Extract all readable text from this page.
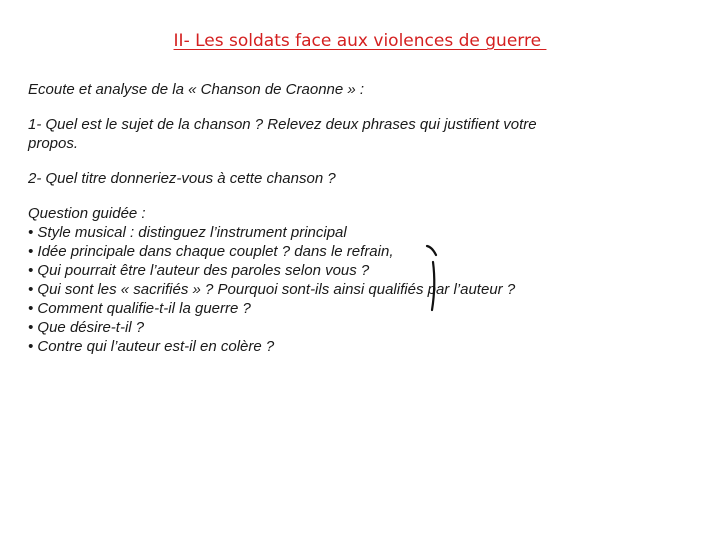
II- Les soldats face aux violences de guerre

Ecoute et analyse de la « Chanson de Craonne » :

1- Quel est le sujet de la chanson ? Relevez deux phrases qui justifient votre
propos.

2- Quel titre donneriez-vous à cette chanson ?

Question guidée :
• Style musical : distinguez l’instrument principal
• Idée principale dans chaque couplet ? dans le refrain,
• Qui pourrait être l’auteur des paroles selon vous ?
• Qui sont les « sacrifiés » ? Pourquoi sont-ils ainsi qualifiés par l’auteur ?
• Comment qualifie-t-il la guerre ?
• Que désire-t-il ?
• Contre qui l’auteur est-il en colère ?
